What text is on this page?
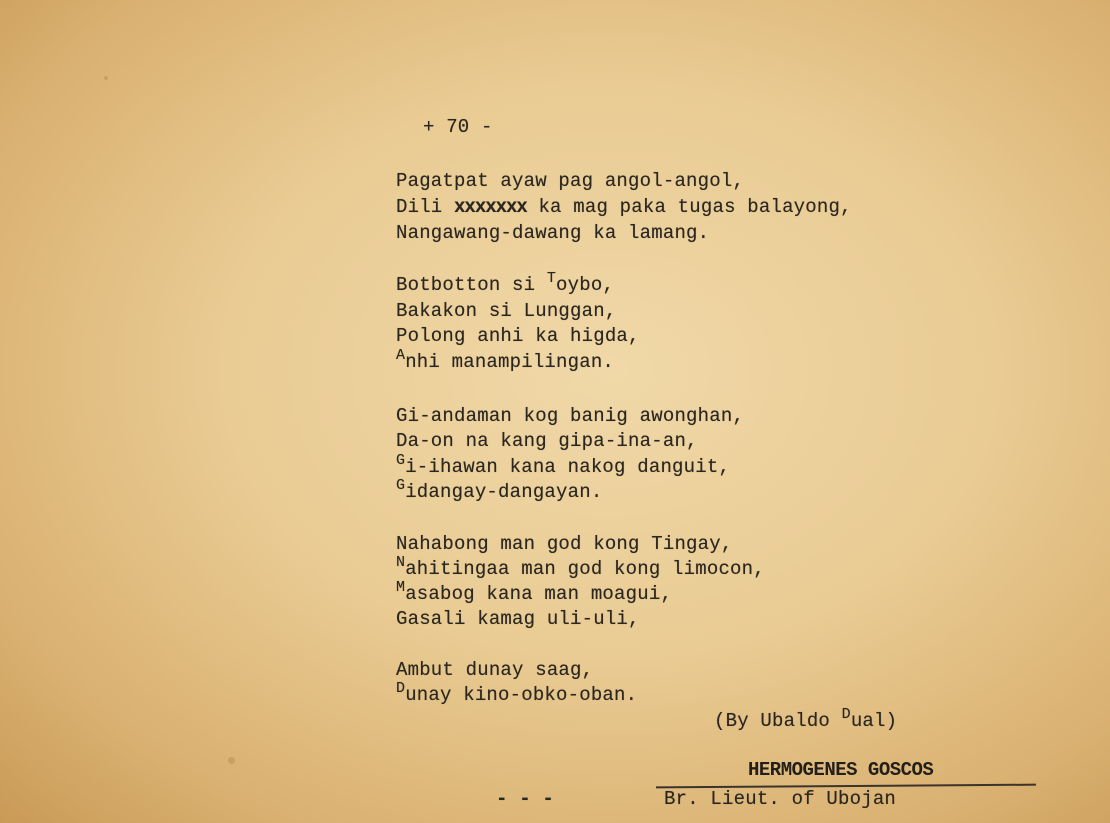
+ 70 -
Pagatpat ayaw pag angol-angol,
Dili xxxxxxx ka mag paka tugas balayong,
Nangawang-dawang ka lamang.
Botbotton si $^T$oybo,
Bakakon si Lunggan,
Polong anhi ka higda,
$^A$nhi manampilingan.
Gi-andaman kog banig awonghan,
Da-on na kang gipa-ina-an,
$^G$i-ihawan kana nakog danguit,
$^G$idangay-dangayan.
Nahabong man god kong Tingay,
$^N$ahitingaa man god kong limocon,
$^M$asabog kana man moagui,
Gasali kamag uli-uli,
Ambut dunay saag,
$^D$unay kino-obko-oban.
(By Ubaldo $^D$ual)
HERMOGENES GOSCOS
- - -	Br. Lieut. of Ubojan
